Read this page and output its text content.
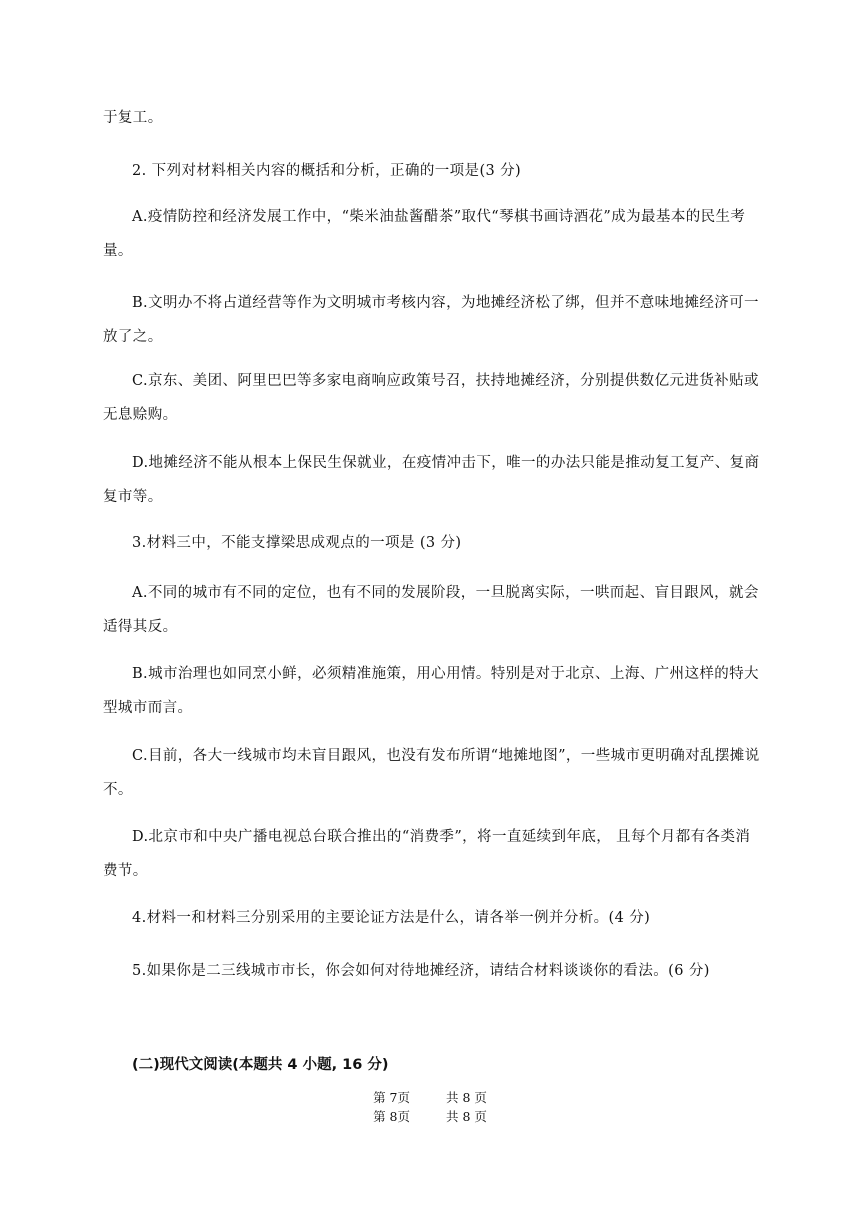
于复工。

2. 下列对材料相关内容的概括和分析，正确的一项是(3 分)

A.疫情防控和经济发展工作中，“柴米油盐酱醋茶”取代“琴棋书画诗酒花”成为最基本的民生考量。

B.文明办不将占道经营等作为文明城市考核内容，为地摊经济松了绑，但并不意味地摊经济可一放了之。

C.京东、美团、阿里巴巴等多家电商响应政策号召，扶持地摊经济，分别提供数亿元进货补贴或无息赊购。

D.地摊经济不能从根本上保民生保就业，在疫情冲击下，唯一的办法只能是推动复工复产、复商复市等。

3.材料三中，不能支撑梁思成观点的一项是 (3 分)

A.不同的城市有不同的定位，也有不同的发展阶段，一旦脱离实际，一哄而起、盲目跟风，就会适得其反。

B.城市治理也如同烹小鲜，必须精准施策，用心用情。特别是对于北京、上海、广州这样的特大型城市而言。

C.目前，各大一线城市均未盲目跟风，也没有发布所谓“地摊地图”，一些城市更明确对乱摆摊说不。

D.北京市和中央广播电视总台联合推出的“消费季”，将一直延续到年底， 且每个月都有各类消费节。

4.材料一和材料三分别采用的主要论证方法是什么，请各举一例并分析。(4 分)

5.如果你是二三线城市市长，你会如何对待地摊经济，请结合材料谈谈你的看法。(6 分)

(二)现代文阅读(本题共 4 小题, 16 分)

第 7页	共 8 页

第 8页	共 8 页
